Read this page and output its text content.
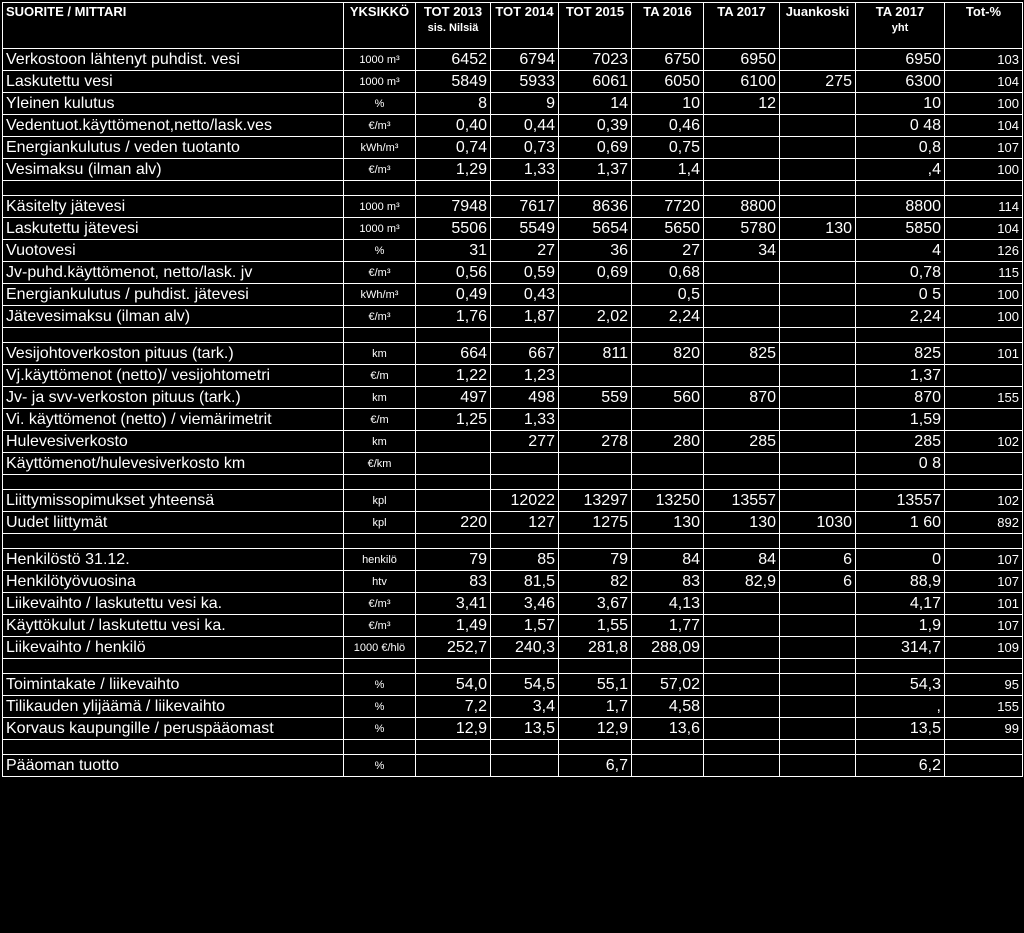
SUORITE / MITTARI	YKSIKKÖ	TOT 2013
sis. Nilsiä	TOT 2014	TOT 2015	TA 2016	TA 2017	Juankoski	TA 2017
yht	Tot-%

Verkostoon lähtenyt puhdist. vesi	1000 m³	6452	6794	7023	6750	6950		6950	103
Laskutettu vesi	1000 m³	5849	5933	6061	6050	6100	275	6300	104
Yleinen kulutus	%	8	9	14	10	12		10	100
Vedentuot.käyttömenot,netto/lask.ves	€/m³	0,40	0,44	0,39	0,46			0 48	104
Energiankulutus / veden tuotanto	kWh/m³	0,74	0,73	0,69	0,75			0,8	107
Vesimaksu (ilman alv)	€/m³	1,29	1,33	1,37	1,4			,4	100

Käsitelty jätevesi	1000 m³	7948	7617	8636	7720	8800		8800	114
Laskutettu jätevesi	1000 m³	5506	5549	5654	5650	5780	130	5850	104
Vuotovesi	%	31	27	36	27	34		4	126
Jv-puhd.käyttömenot, netto/lask. jv	€/m³	0,56	0,59	0,69	0,68			0,78	115
Energiankulutus / puhdist. jätevesi	kWh/m³	0,49	0,43		0,5			0 5	100
Jätevesimaksu (ilman alv)	€/m³	1,76	1,87	2,02	2,24			2,24	100

Vesijohtoverkoston pituus (tark.)	km	664	667	811	820	825		825	101
Vj.käyttömenot (netto)/ vesijohtometri	€/m	1,22	1,23					1,37	
Jv- ja svv-verkoston pituus (tark.)	km	497	498	559	560	870		870	155
Vi. käyttömenot (netto) / viemärimetrit	€/m	1,25	1,33					1,59	
Hulevesiverkosto	km		277	278	280	285		285	102
Käyttömenot/hulevesiverkosto km	€/km							0 8	

Liittymissopimukset yhteensä	kpl		12022	13297	13250	13557		13557	102
Uudet liittymät	kpl	220	127	1275	130	130	1030	1 60	892

Henkilöstö 31.12.	henkilö	79	85	79	84	84	6	0	107
Henkilötyövuosina	htv	83	81,5	82	83	82,9	6	88,9	107
Liikevaihto / laskutettu vesi ka.	€/m³	3,41	3,46	3,67	4,13			4,17	101
Käyttökulut / laskutettu vesi ka.	€/m³	1,49	1,57	1,55	1,77			1,9	107
Liikevaihto / henkilö	1000 €/hlö	252,7	240,3	281,8	288,09			314,7	109

Toimintakate / liikevaihto	%	54,0	54,5	55,1	57,02			54,3	95
Tilikauden ylijäämä / liikevaihto	%	7,2	3,4	1,7	4,58			,	155
Korvaus kaupungille / peruspääomast	%	12,9	13,5	12,9	13,6			13,5	99

Pääoman tuotto	%			6,7				6,2	
